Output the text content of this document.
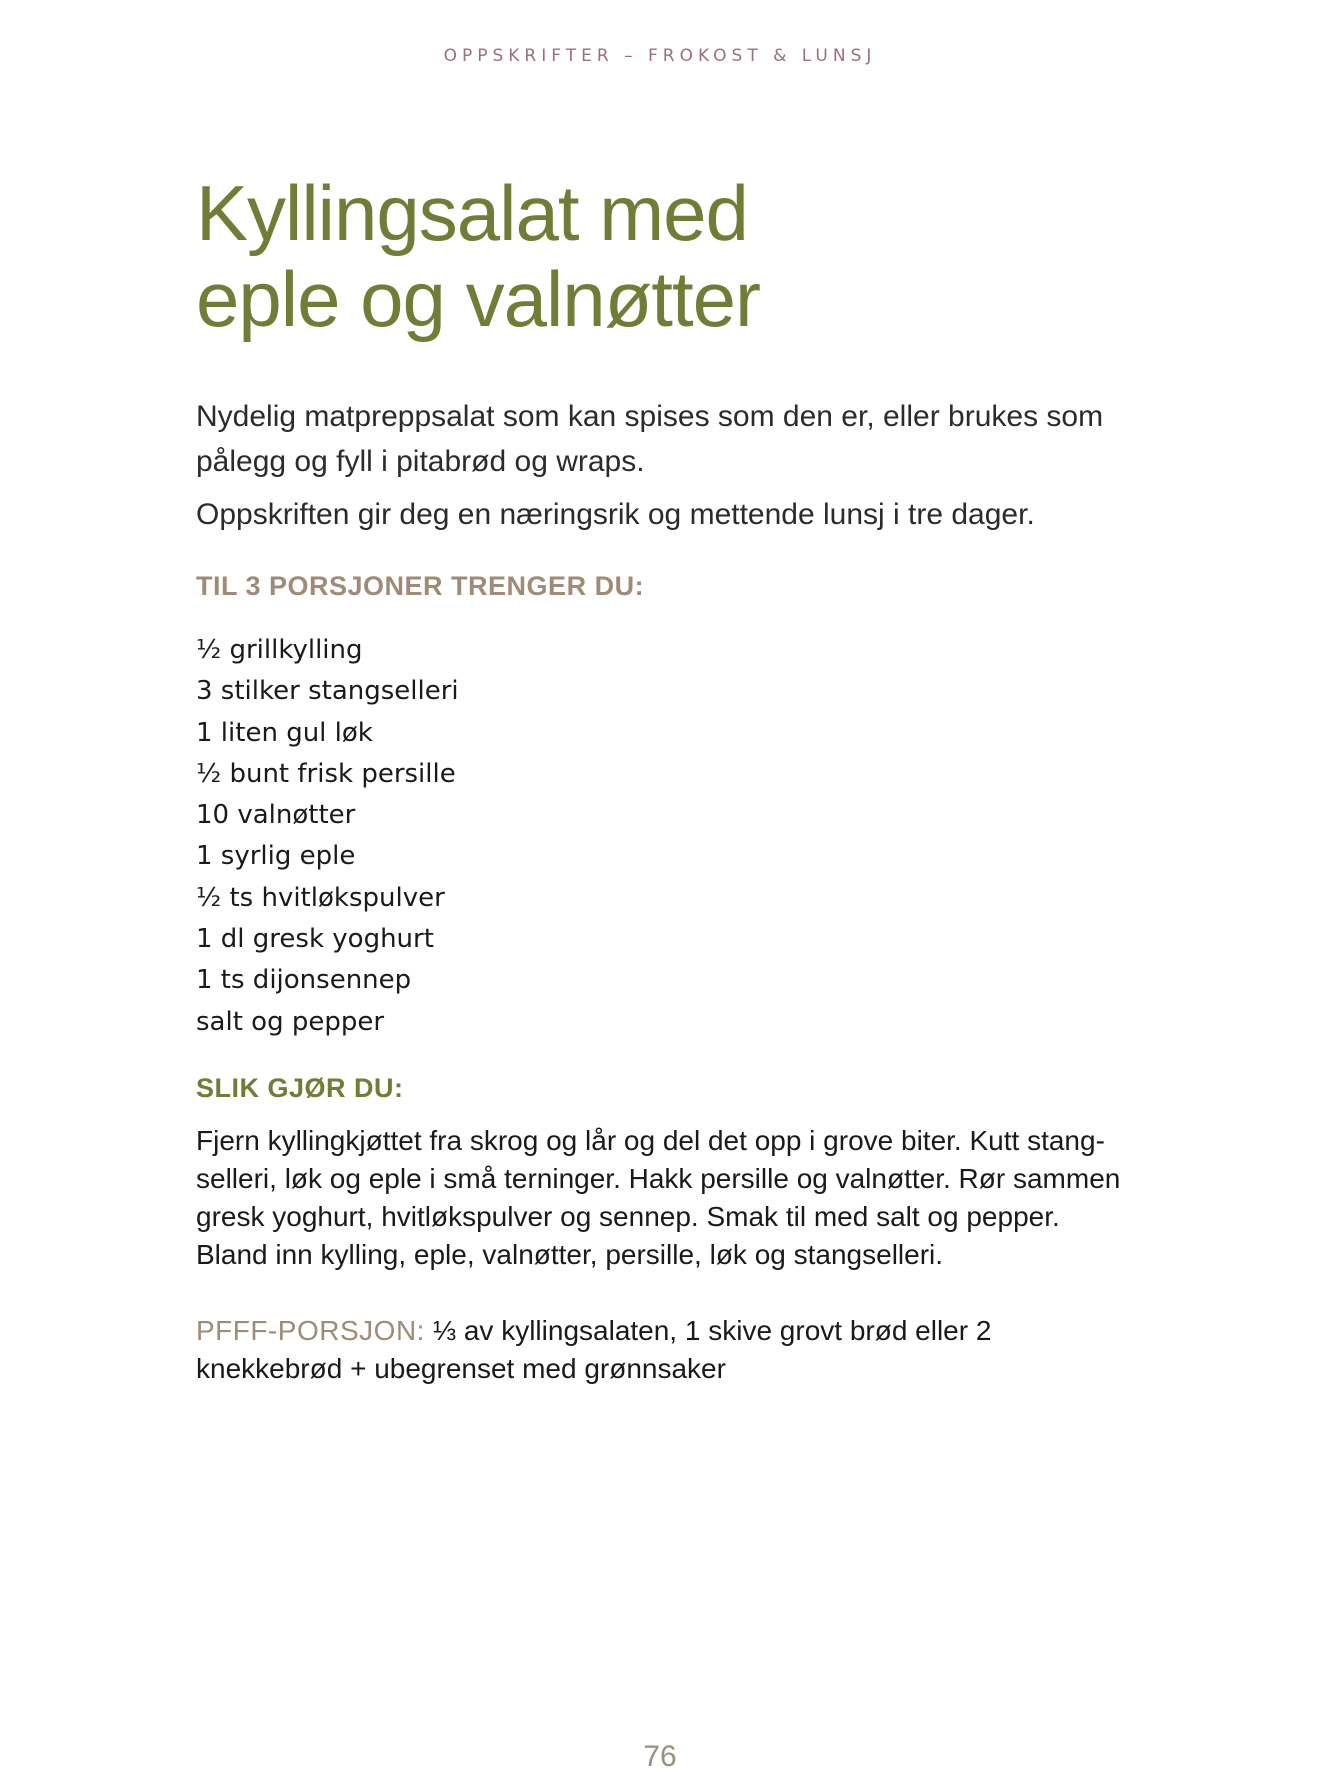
OPPSKRIFTER – FROKOST & LUNSJ
Kyllingsalat med
eple og valnøtter

Nydelig matpreppsalat som kan spises som den er, eller brukes som pålegg og fyll i pitabrød og wraps.

Oppskriften gir deg en næringsrik og mettende lunsj i tre dager.

TIL 3 PORSJONER TRENGER DU:
½ grillkylling
3 stilker stangselleri
1 liten gul løk
½ bunt frisk persille
10 valnøtter
1 syrlig eple
½ ts hvitløkspulver
1 dl gresk yoghurt
1 ts dijonsennep
salt og pepper
SLIK GJØR DU:

Fjern kyllingkjøttet fra skrog og lår og del det opp i grove biter. Kutt stangselleri, løk og eple i små terninger. Hakk persille og valnøtter. Rør sammen gresk yoghurt, hvitløkspulver og sennep. Smak til med salt og pepper. Bland inn kylling, eple, valnøtter, persille, løk og stangselleri.

PFFF-PORSJON: ⅓ av kyllingsalaten, 1 skive grovt brød eller 2 knekkebrød + ubegrenset med grønnsaker

76
